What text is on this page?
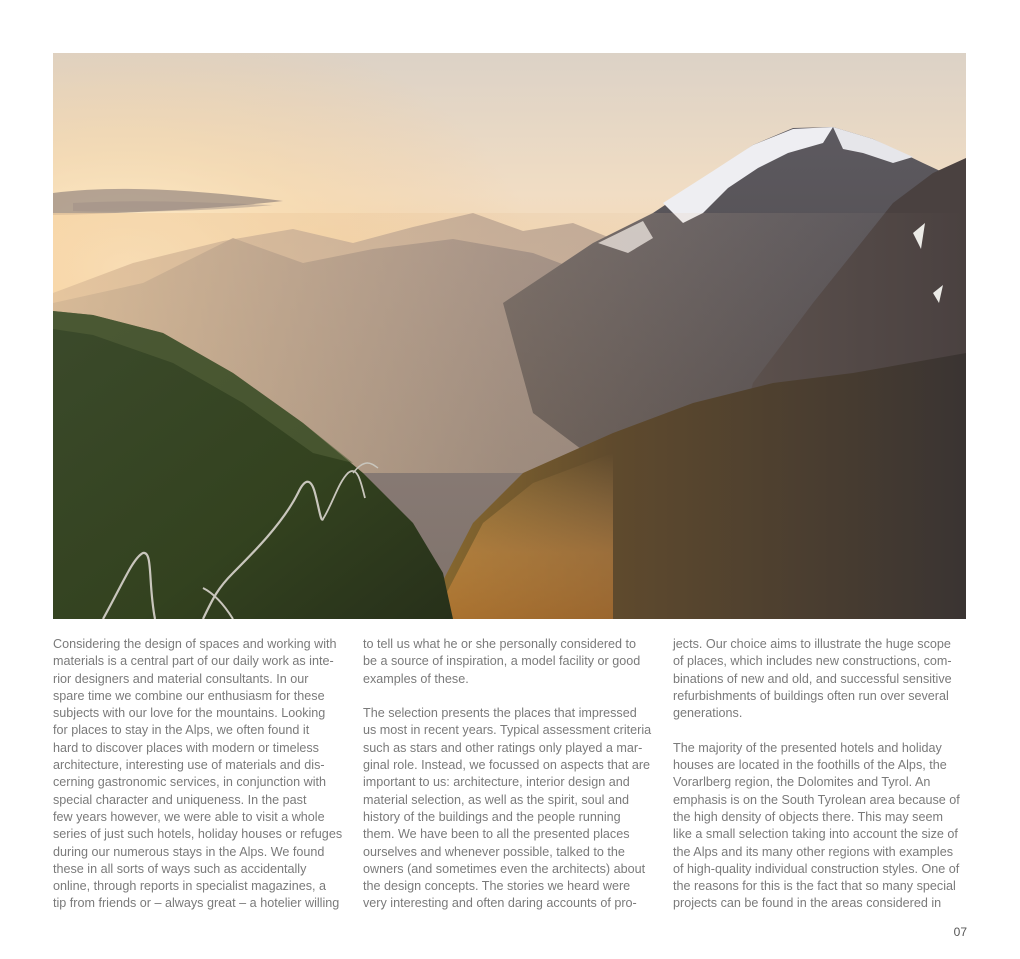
Considering the design of spaces and working with
materials is a central part of our daily work as inte-
rior designers and material consultants. In our
spare time we combine our enthusiasm for these
subjects with our love for the mountains. Looking
for places to stay in the Alps, we often found it
hard to discover places with modern or timeless
architecture, interesting use of materials and dis-
cerning gastronomic services, in conjunction with
special character and uniqueness. In the past
few years however, we were able to visit a whole
series of just such hotels, holiday houses or refuges
during our numerous stays in the Alps. We found
these in all sorts of ways such as accidentally
online, through reports in specialist magazines, a
tip from friends or – always great – a hotelier willing
to tell us what he or she personally considered to
be a source of inspiration, a model facility or good
examples of these.
The selection presents the places that impressed
us most in recent years. Typical assessment criteria
such as stars and other ratings only played a mar-
ginal role. Instead, we focussed on aspects that are
important to us: architecture, interior design and
material selection, as well as the spirit, soul and
history of the buildings and the people running
them. We have been to all the presented places
ourselves and whenever possible, talked to the
owners (and sometimes even the architects) about
the design concepts. The stories we heard were
very interesting and often daring accounts of pro-
jects. Our choice aims to illustrate the huge scope
of places, which includes new constructions, com-
binations of new and old, and successful sensitive
refurbishments of buildings often run over several
generations.
The majority of the presented hotels and holiday
houses are located in the foothills of the Alps, the
Vorarlberg region, the Dolomites and Tyrol. An
emphasis is on the South Tyrolean area because of
the high density of objects there. This may seem
like a small selection taking into account the size of
the Alps and its many other regions with examples
of high-quality individual construction styles. One of
the reasons for this is the fact that so many special
projects can be found in the areas considered in
07
